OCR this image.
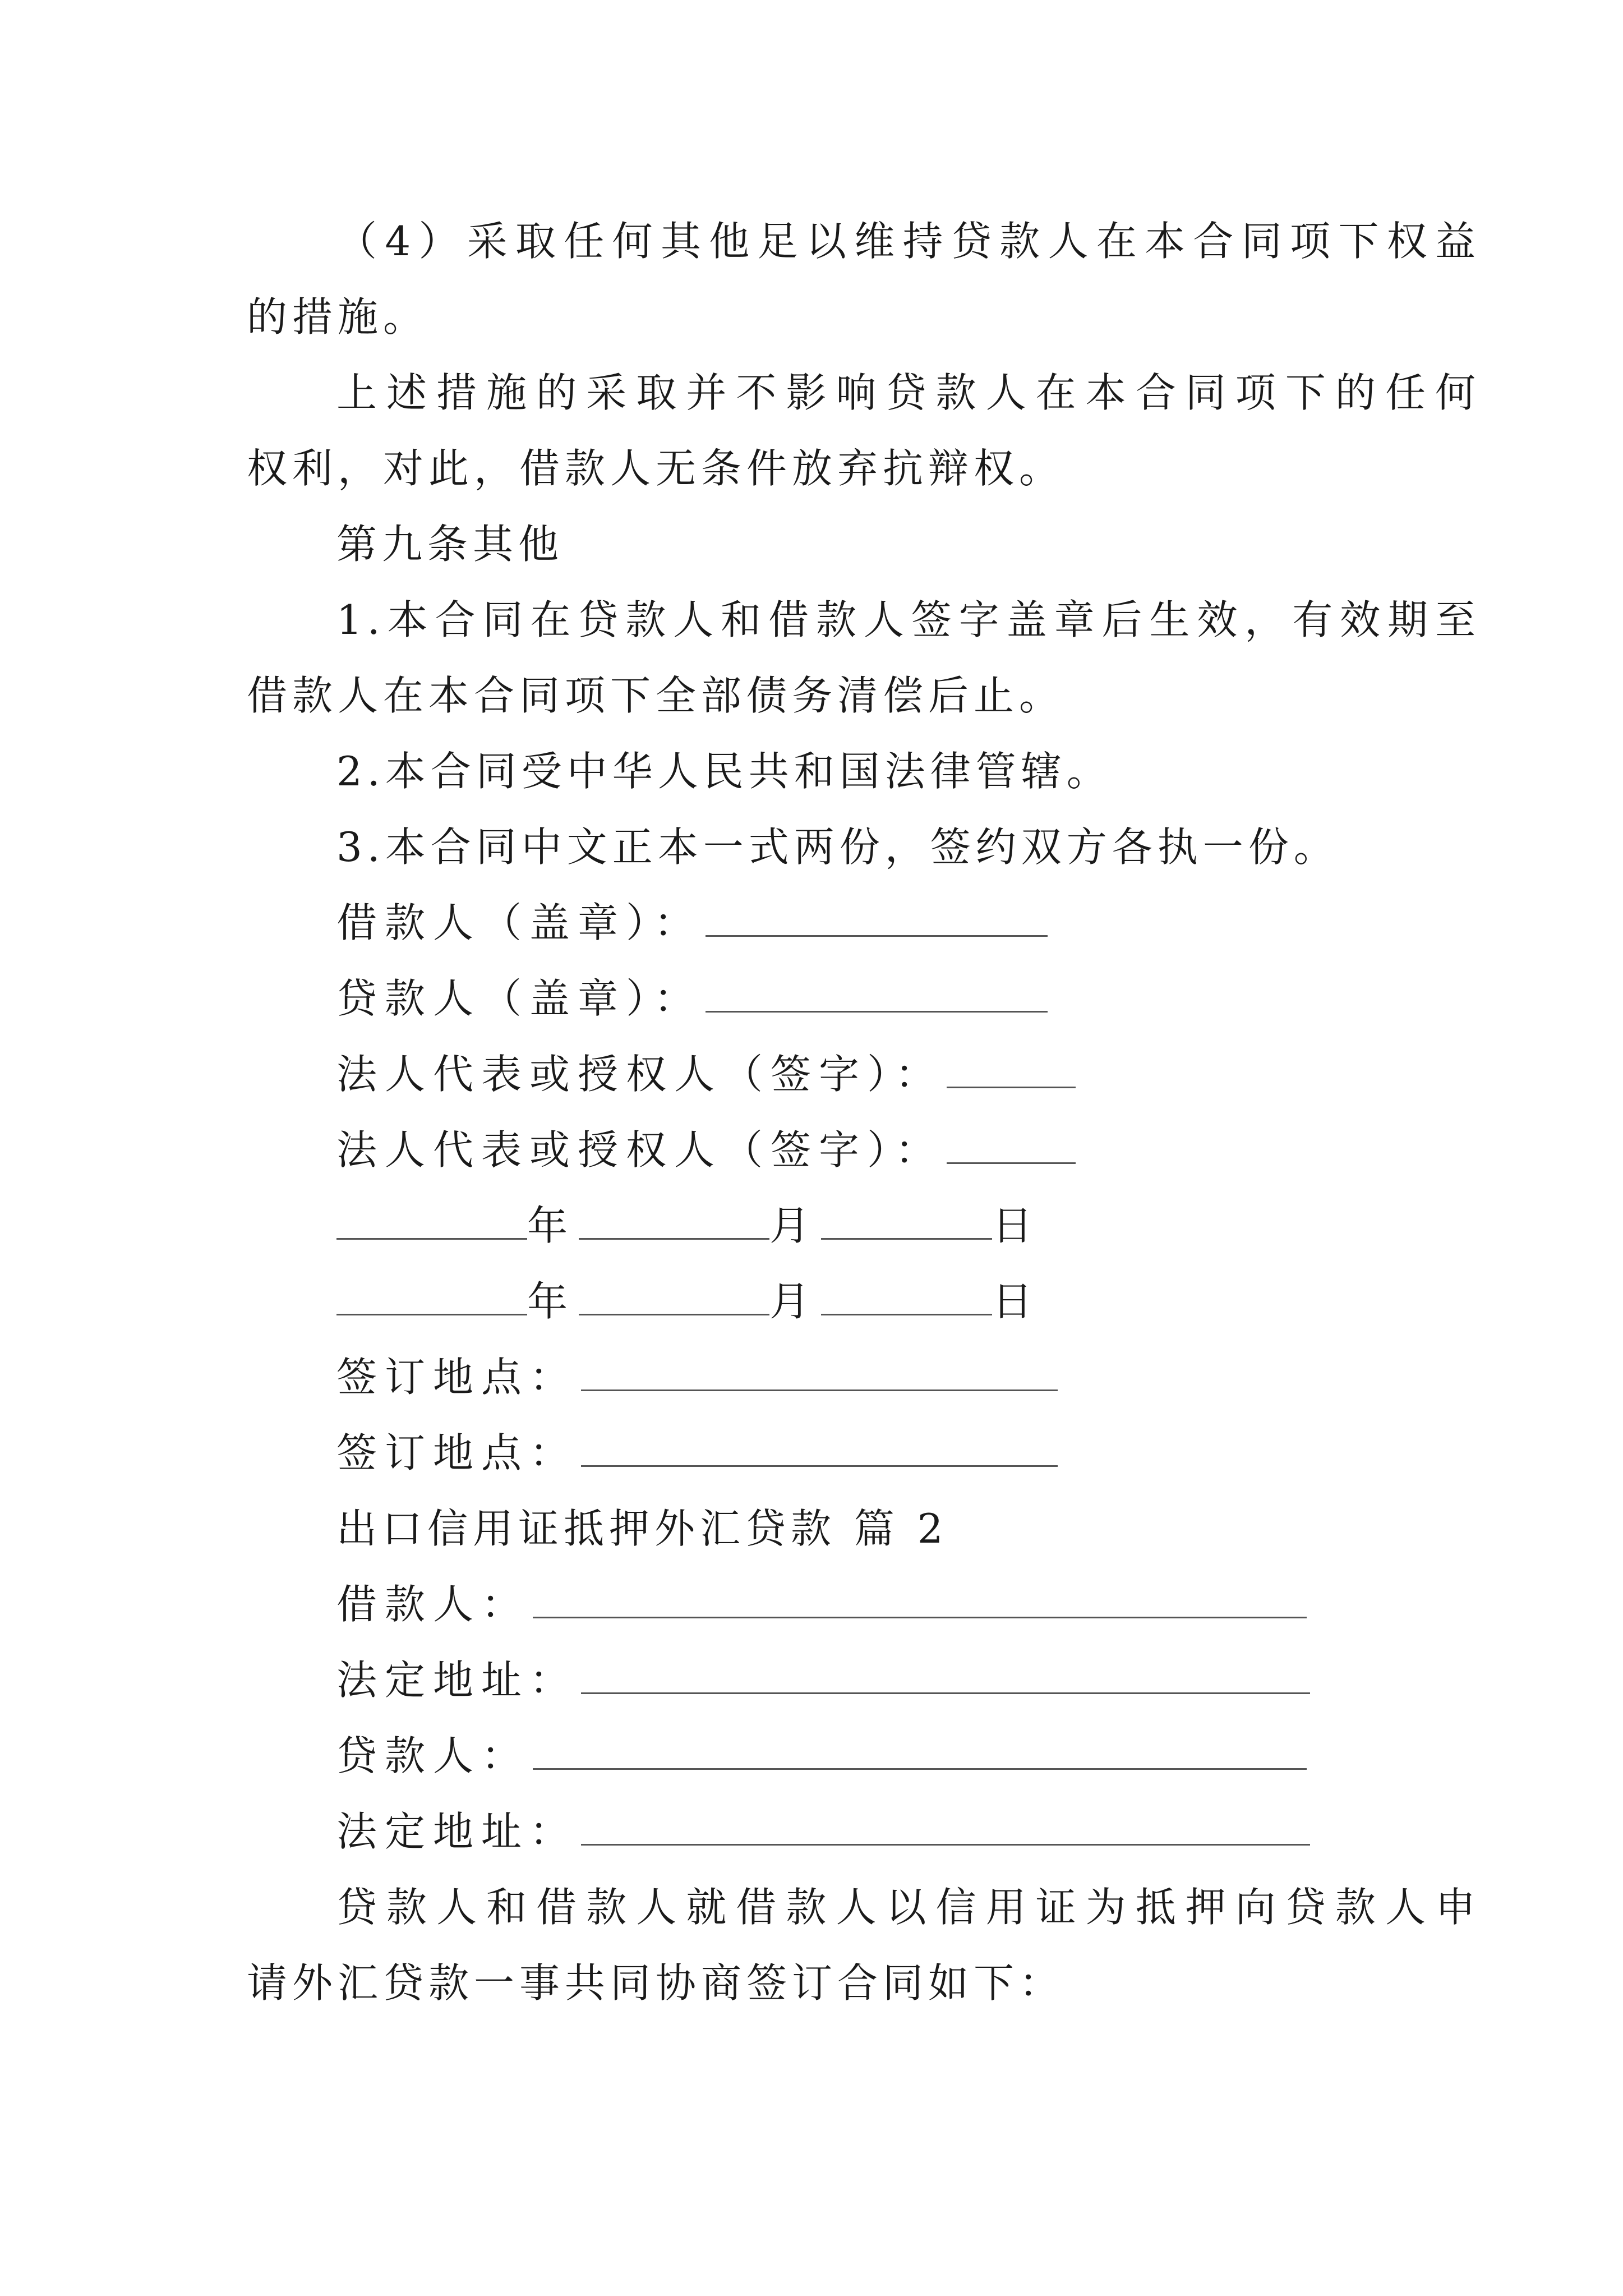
（4）采取任何其他足以维持贷款人在本合同项下权益
的措施。
上述措施的采取并不影响贷款人在本合同项下的任何
权利，对此，借款人无条件放弃抗辩权。
第九条其他
1.本合同在贷款人和借款人签字盖章后生效，有效期至
借款人在本合同项下全部债务清偿后止。
2.本合同受中华人民共和国法律管辖。
3.本合同中文正本一式两份，签约双方各执一份。
借款人（盖章）：
贷款人（盖章）：
法人代表或授权人（签字）：
法人代表或授权人（签字）：
年	月	日
年	月	日
签订地点：
签订地点：
出口信用证抵押外汇贷款 篇 2
借款人：
法定地址：
贷款人：
法定地址：
贷款人和借款人就借款人以信用证为抵押向贷款人申
请外汇贷款一事共同协商签订合同如下：
